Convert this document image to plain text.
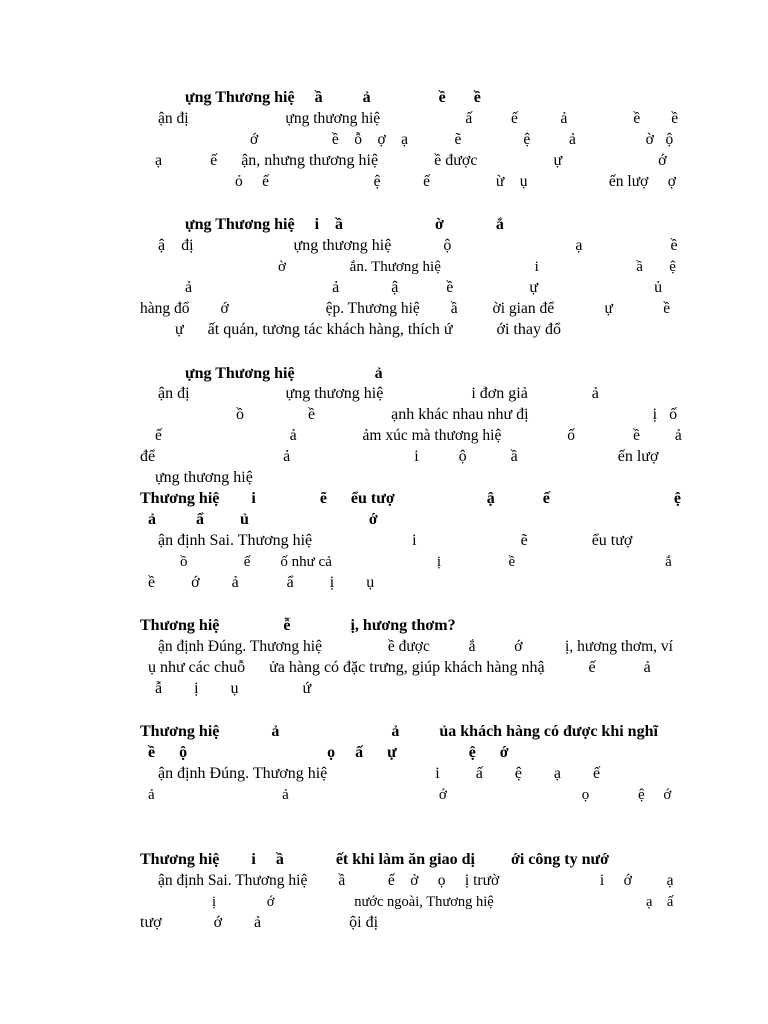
ựng Thương hiệ     ầ          ả                 ề       ề
ận đị                         ựng thương hiệ                      ấ          ế           ả                 ề        ề
ớ                   ề    ỗ    ợ    ạ            ẽ                ệ          ả                  ờ   ộ
ạ            ế      ận, nhưng thương hiệ              ề được                   ự                        ớ
ỏ     ế                           ệ           ế                 ừ    ụ                     ến lượ     ợ
ựng Thương hiệ     i    ầ                       ờ             ắ
ậ    đị                         ựng thương hiệ             ộ                               ạ                      ề
ờ                 ắn. Thương hiệ                         i                          ầ       ệ
ả                                   ả             ậ            ề                   ự                             ủ
hàng đổ        ớ                         ệp. Thương hiệ        ầ         ời gian để             ự             ề
ự      ất quán, tương tác khách hàng, thích ứ           ới thay đổ
ựng Thương hiệ                    ả
ận đị                        ựng thương hiệ                      i đơn giả                ả
ồ                ề                   ạnh khác nhau như đị                               ị   ố
ế                                 ả                 ảm xúc mà thương hiệ                 ố               ề         ả
để                                ả                               i          ộ           ầ                         ến lượ
ựng thương hiệ
Thương hiệ        i                ẽ      ểu tượ                       ậ            ế                               ệ
ả          ẩ         ủ                              ớ
ận định Sai. Thương hiệ                         i                          ẽ                ểu tượ
ồ               ế        ố như cả                            ị                  ề                                        ắ
ề         ớ        ả            ẩ         ị        ụ
Thương hiệ                ễ               ị, hương thơm?
ận định Đúng. Thương hiệ                 ề được          ắ          ớ           ị, hương thơm, ví
ụ như các chuỗ      ửa hàng có đặc trưng, giúp khách hàng nhậ           ế            ả
ẫ        ị        ụ                ứ
Thương hiệ             ả                            ả          ủa khách hàng có được khi nghĩ
ề      ộ                                   ọ     ấ      ự                  ệ      ớ
ận định Đúng. Thương hiệ                           i         ấ        ệ        ạ        ế
ả                                  ả                                        ớ                                    ọ             ệ     ớ
Thương hiệ        i     ầ             ết khi làm ăn giao dị         ới công ty nướ
ận định Sai. Thương hiệ        ầ           ế    ở     ọ     ị trườ                          i     ớ         ạ
ị              ớ                      nước ngoài, Thương hiệ                                          ạ    ấ
tượ             ớ        ả                      ội đị
